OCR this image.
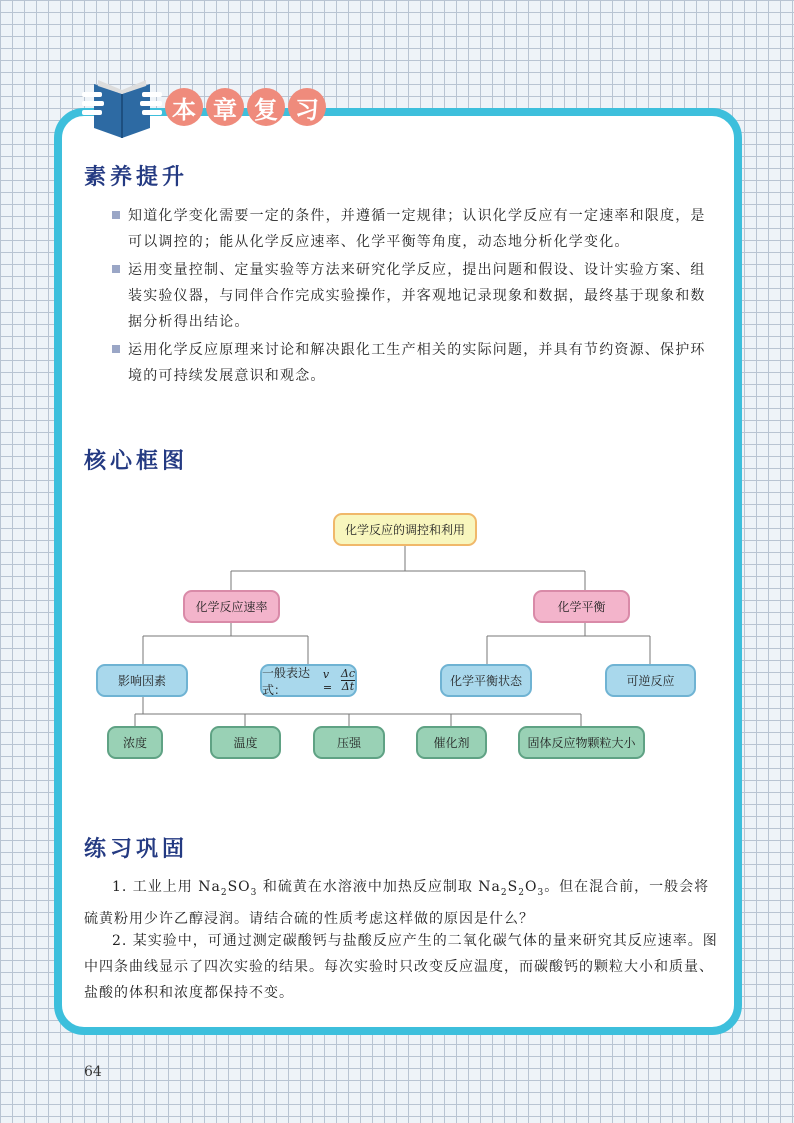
本 章 复 习
素养提升
知道化学变化需要一定的条件，并遵循一定规律；认识化学反应有一定速率和限度，是可以调控的；能从化学反应速率、化学平衡等角度，动态地分析化学变化。
运用变量控制、定量实验等方法来研究化学反应，提出问题和假设、设计实验方案、组装实验仪器，与同伴合作完成实验操作，并客观地记录现象和数据，最终基于现象和数据分析得出结论。
运用化学反应原理来讨论和解决跟化工生产相关的实际问题，并具有节约资源、保护环境的可持续发展意识和观念。
核心框图
化学反应的调控和利用
化学反应速率	化学平衡
影响因素
一般表达式：
$v = \frac{\Delta c}{\Delta t}$	化学平衡状态	可逆反应
浓度	温度	压强	催化剂	固体反应物颗粒大小
练习巩固
1. 工业上用 $Na_2SO_3$ 和硫黄在水溶液中加热反应制取 $Na_2S_2O_3$。但在混合前，一般会将硫黄粉用少许乙醇浸润。请结合硫的性质考虑这样做的原因是什么？
2. 某实验中，可通过测定碳酸钙与盐酸反应产生的二氧化碳气体的量来研究其反应速率。图中四条曲线显示了四次实验的结果。每次实验时只改变反应温度，而碳酸钙的颗粒大小和质量、盐酸的体积和浓度都保持不变。
64
